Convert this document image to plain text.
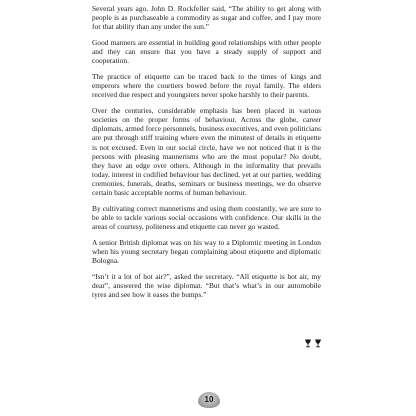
Several years ago, John D. Rockfeller said, “The ability to get along with people is as purchaseable a commodity as sugar and coffee, and I pay more for that ability than any under the sun.”

Good manners are essential in building good relationships with other people and they can ensure that you have a steady supply of support and cooperation.

The practice of etiquette can be traced back to the times of kings and emperors where the courtiers bowed before the royal family. The elders received due respect and youngsters never spoke harshly to their parents.

Over the centuries, considerable emphasis has been placed in various societies on the proper forms of behaviour. Across the globe, career diplomats, armed force personnels, business executives, and even politicians are put through stiff training where even the minutest of details in etiquette is not excused. Even in our social circle, have we not noticed that it is the persons with pleasing mannerisms who are the most popular? No doubt, they have an edge over others. Although in the informality that prevails today, interest in codified behaviour has declined, yet at our parties, wedding cremonies, funerals, deaths, seminars or business meetings, we do observe certain basic acceptable norms of human behaviour.

By cultivating correct mannerisms and using them constantly, we are sure to be able to tackle various social occasions with confidence. Our skills in the areas of courtesy, politeness and etiquette can never go wasted.

A senior British diplomat was on his way to a Diplomtic meeting in London when his young secretary began complaining about etiquette and diplomatic Bologna.

“Isn’t it a lot of hot air?”, asked the secretary. “All etiquette is hot air, my dear”, answered the wise diplomat. “But that’s what’s in our automobile tyres and see how it eases the bumps.”

10
